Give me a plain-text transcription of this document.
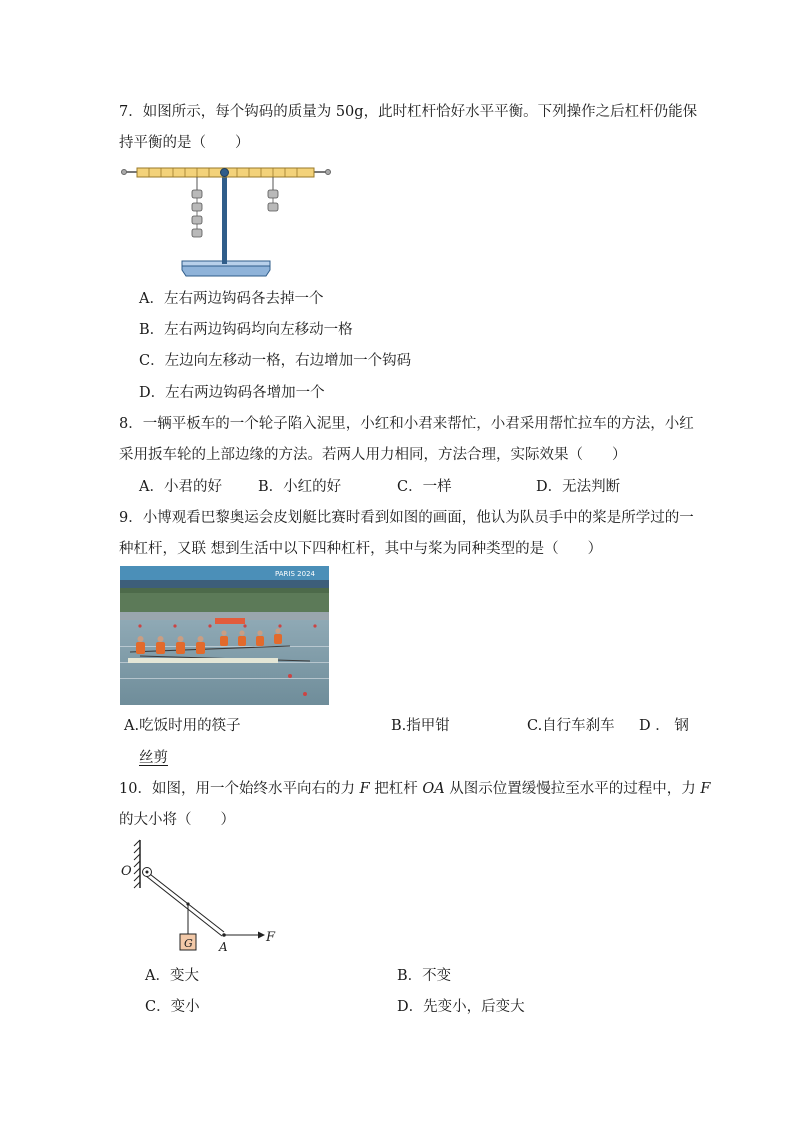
7．如图所示，每个钩码的质量为 50g，此时杠杆恰好水平平衡。下列操作之后杠杆仍能保
持平衡的是（　　）
A．左右两边钩码各去掉一个
B．左右两边钩码均向左移动一格
C．左边向左移动一格，右边增加一个钩码
D．左右两边钩码各增加一个
8．一辆平板车的一个轮子陷入泥里，小红和小君来帮忙，小君采用帮忙拉车的方法，小红
采用扳车轮的上部边缘的方法。若两人用力相同，方法合理，实际效果（　　）
A．小君的好 B．小红的好	C．一样	D．无法判断
9．小博观看巴黎奥运会皮划艇比赛时看到如图的画面，他认为队员手中的桨是所学过的一
种杠杆，又联 想到生活中以下四种杠杆，其中与桨为同种类型的是（　　）
PARIS 2024
A.吃饭时用的筷子	B.指甲钳	C.自行车刹车 D ． 钢
丝剪
10．如图，用一个始终水平向右的力 F 把杠杆 OA 从图示位置缓慢拉至水平的过程中，力 F
的大小将（　　）
G
O
A
F
A．变大	B．不变
C．变小	D．先变小，后变大
